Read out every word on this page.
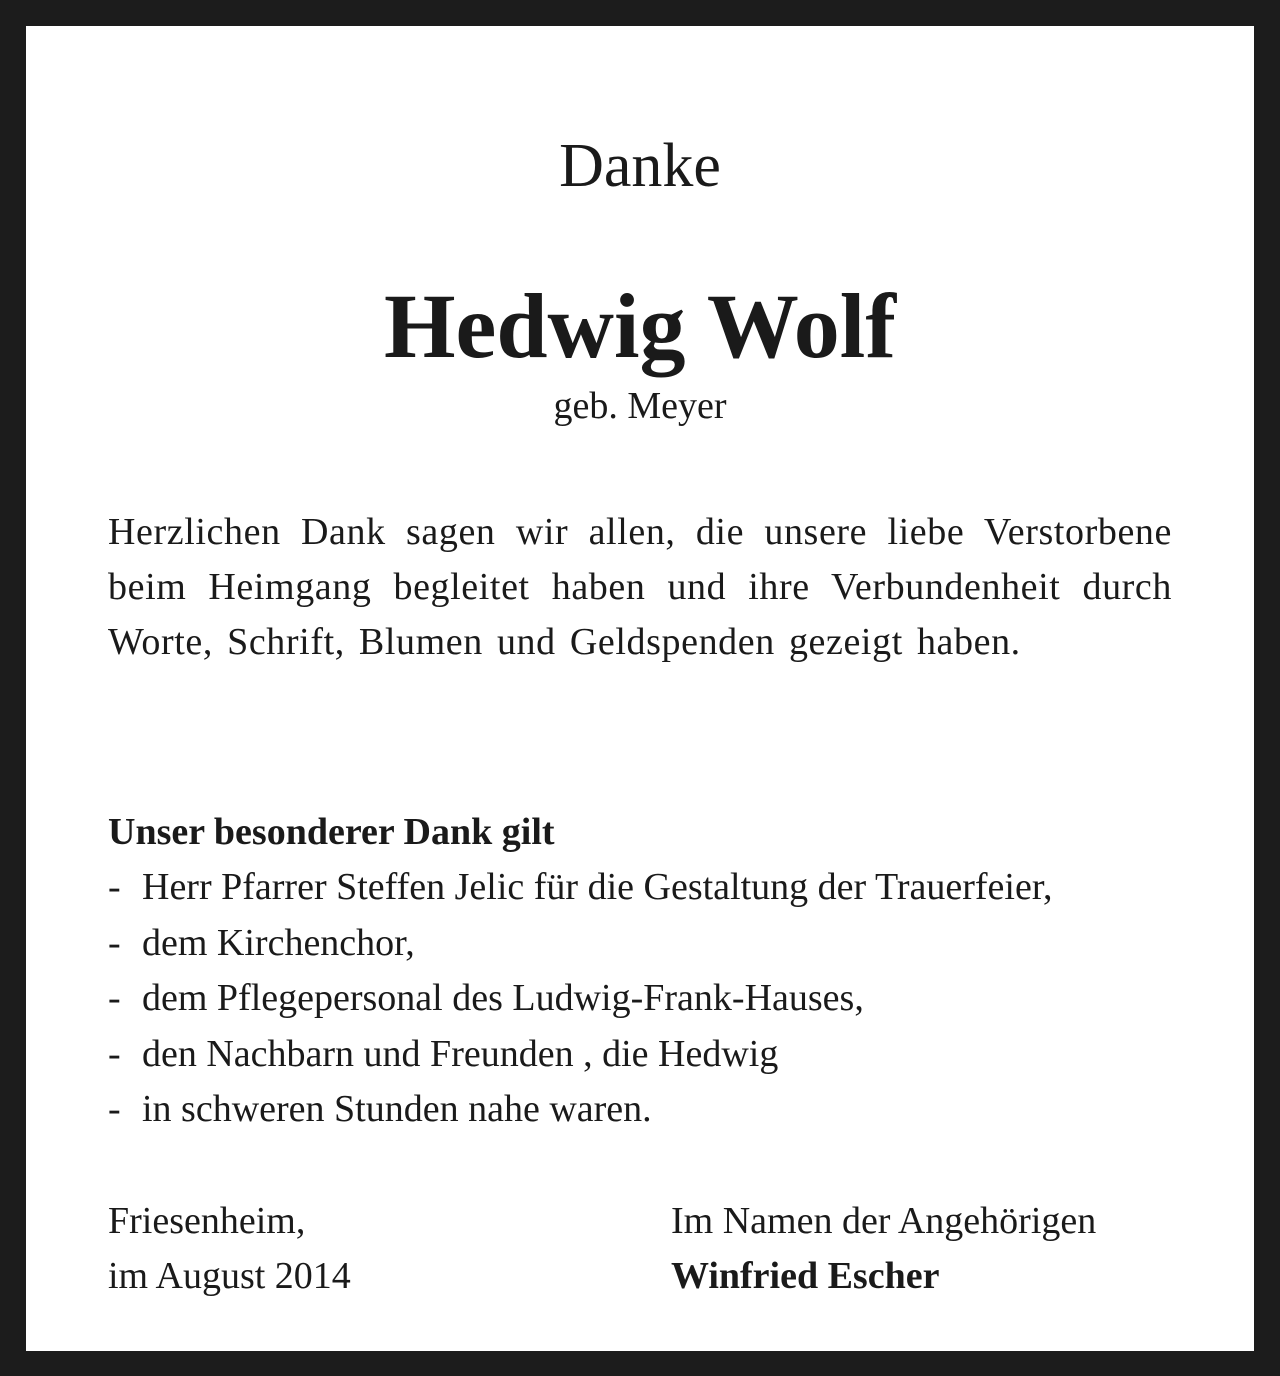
Danke
Hedwig Wolf
geb. Meyer
Herzlichen Dank sagen wir allen, die unsere liebe Verstorbene beim Heimgang begleitet haben und ihre Verbundenheit durch Worte, Schrift, Blumen und Geldspenden gezeigt haben.
Unser besonderer Dank gilt
- Herr Pfarrer Steffen Jelic für die Gestaltung der Trauerfeier,
- dem Kirchenchor,
- dem Pflegepersonal des Ludwig-Frank-Hauses,
- den Nachbarn und Freunden , die Hedwig
- in schweren Stunden nahe waren.
Friesenheim,
im August 2014
Im Namen der Angehörigen
Winfried Escher
